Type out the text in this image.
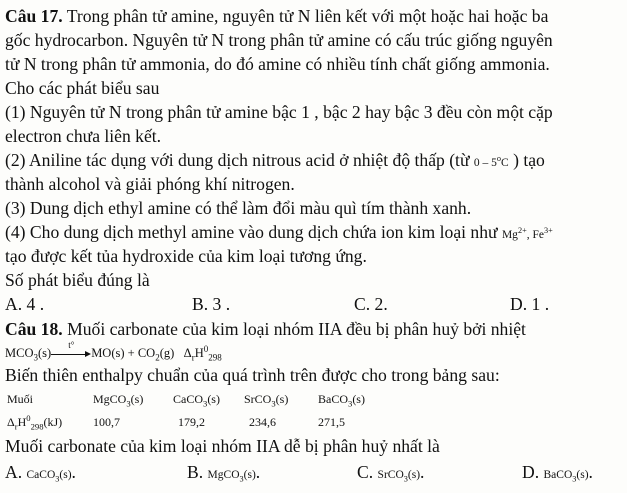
Câu 17. Trong phân tử amine, nguyên tử N liên kết với một hoặc hai hoặc ba
gốc hydrocarbon. Nguyên tử N trong phân tử amine có cấu trúc giống nguyên
tử N trong phân tử ammonia, do đó amine có nhiều tính chất giống ammonia.
Cho các phát biểu sau
(1) Nguyên tử N trong phân tử amine bậc 1 , bậc 2 hay bậc 3 đều còn một cặp
electron chưa liên kết.
(2) Aniline tác dụng với dung dịch nitrous acid ở nhiệt độ thấp (từ 0 – 5$^o$C ) tạo
thành alcohol và giải phóng khí nitrogen.
(3) Dung dịch ethyl amine có thể làm đổi màu quì tím thành xanh.
(4) Cho dung dịch methyl amine vào dung dịch chứa ion kim loại như $Mg^{2+}$, $Fe^{3+}$
tạo được kết tủa hydroxide của kim loại tương ứng.
Số phát biểu đúng là
A. 4 .	B. 3 .	C. 2.	D. 1 .
Câu 18. Muối carbonate của kim loại nhóm IIA đều bị phân huỷ bởi nhiệt
$MCO_3(s)$
t°
$MO(s) + CO_2(g)$   $\Delta_rH^0_{298}$
Biến thiên enthalpy chuẩn của quá trình trên được cho trong bảng sau:
Muối	MgCO$_3$(s) CaCO$_3$(s) SrCO$_3$(s) BaCO$_3$(s)
$\Delta_rH^0_{298}(kJ)$	100,7	179,2	234,6	271,5
Muối carbonate của kim loại nhóm IIA dễ bị phân huỷ nhất là
A. CaCO$_3$(s).	B. MgCO$_3$(s).	C. SrCO$_3$(s).	D. BaCO$_3$(s).
